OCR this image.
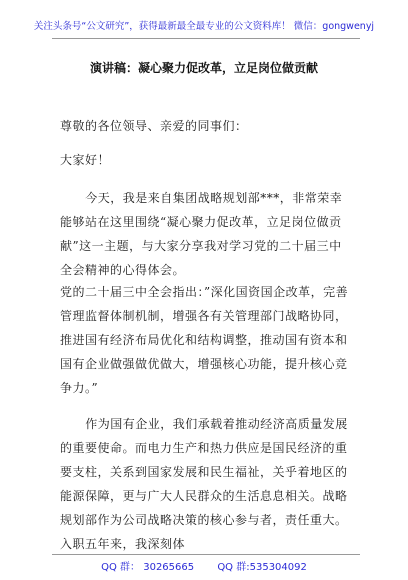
关注头条号“公文研究”，获得最新最全最专业的公文资料库！ 微信：gongwenyj
演讲稿：凝心聚力促改革，立足岗位做贡献
尊敬的各位领导、亲爱的同事们：
大家好！
今天，我是来自集团战略规划部***，非常荣幸能够站在这里围绕“凝心聚力促改革，立足岗位做贡献”这一主题，与大家分享我对学习党的二十届三中全会精神的心得体会。
党的二十届三中全会指出：”深化国资国企改革，完善管理监督体制机制，增强各有关管理部门战略协同，推进国有经济布局优化和结构调整，推动国有资本和国有企业做强做优做大，增强核心功能，提升核心竞争力。”
作为国有企业，我们承载着推动经济高质量发展的重要使命。而电力生产和热力供应是国民经济的重要支柱，关系到国家发展和民生福祉，关乎着地区的能源保障，更与广大人民群众的生活息息相关。战略规划部作为公司战略决策的核心参与者，责任重大。入职五年来，我深刻体
QQ 群： 30265665 QQ 群:535304092
